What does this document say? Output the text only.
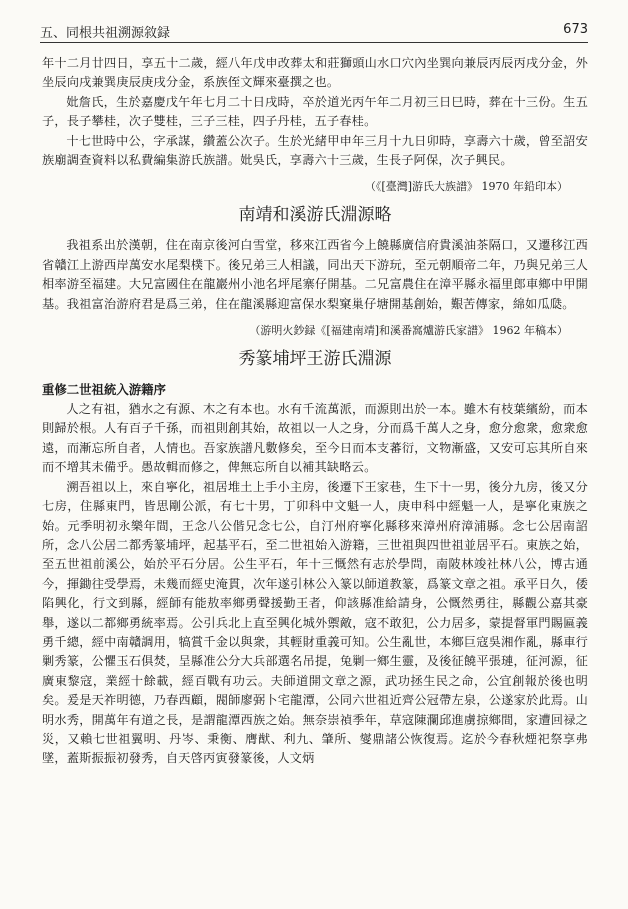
五、同根共祖溯源敘録	673

年十二月廿四日，享五十二歲，經八年戊申改葬太和莊獅頭山水口穴內坐巽向兼辰丙辰丙戌分金，外坐辰向戌兼巽庚辰庚戌分金，系族侄文輝來臺撰之也。

妣詹氏，生於嘉慶戊午年七月二十日戌時，卒於道光丙午年二月初三日巳時，葬在十三份。生五子，長子攀桂，次子雙桂，三子三桂，四子丹桂，五子春桂。

十七世時中公，字承謀，纘蓋公次子。生於光緒甲申年三月十九日卯時，享壽六十歲，曾至詔安族廟調查資料以私費編集游氏族譜。妣吳氏，享壽六十三歲，生長子阿保，次子興民。

（《[臺灣]游氏大族譜》 1970 年鉛印本）
南靖和溪游氏淵源略

我祖系出於漢朝，住在南京後河白雪堂，移來江西省今上饒縣廣信府貴溪油茶隔口，又遷移江西省贛江上游西岸萬安水尾梨樸下。後兄弟三人相議，同出天下游玩，至元朝順帝二年，乃與兄弟三人相率游至福建。大兄富國住在龍巖州小池名坪尾寨仔開基。二兄富農住在漳平縣永福里郎車鄉中甲開基。我祖富治游府君是爲三弟，住在龍溪縣迎富保水梨窠巢仔塘開基創始，艱苦傳家，綿如瓜瓞。

（游明火鈔録《[福建南靖]和溪番窩爐游氏家譜》 1962 年稿本）
秀篆埔坪王游氏淵源
重修二世祖統入游籍序

人之有祖，猶水之有源、木之有本也。水有千流萬派，而源則出於一本。雖木有枝葉繽紛，而本則歸於根。人有百子千孫，而祖則創其始，故祖以一人之身，分而爲千萬人之身，愈分愈衆，愈衆愈遠，而漸忘所自者，人情也。吾家族譜凡數修矣，至今日而本支蕃衍，文物漸盛，又安可忘其所自來而不增其未備乎。愚故輯而修之，俾無忘所自以補其缺略云。

溯吾祖以上，來自寧化，祖居堆土上手小主房，後遷下王家巷，生下十一男，後分九房，後又分七房，住縣東門，皆思剛公派，有七十男，丁卯科中文魁一人，庚申科中經魁一人，是寧化東族之始。元季明初永樂年間，王念八公偕兄念七公，自汀州府寧化縣移來漳州府漳浦縣。念七公居南詔所，念八公居二都秀篆埔坪，起基平石，至二世祖始入游籍，三世祖與四世祖並居平石。東族之始，至五世祖前溪公，始於平石分居。公生平石，年十三慨然有志於學問，南陂林竣社林八公，博古通今，揮鋤往受學焉，未幾而經史淹貫，次年遂引林公入篆以師道教篆，爲篆文章之祖。承平日久，倭陷興化，行文到縣，經師有能敖率鄉勇聲援勤王者，仰該縣准給請身，公慨然勇往，縣觀公嘉其豪舉，遂以二都鄉勇統率焉。公引兵北上直至興化城外禦敵，寇不敢犯，公力居多，蒙提督軍門賜匾義勇千總，經中南贛調用，犒賞千金以與衆，其輕財重義可知。公生亂世，本鄉巨寇吳湘作亂，縣車行剿秀篆，公懼玉石俱焚，呈縣准公分大兵部選名吊提，兔剿一鄉生靈，及後征饒平張璉，征河源，征廣東黎寇，業經十餘載，經百戰有功云。夫師道開文章之源，武功拯生民之命，公宜創報於後也明矣。爰是天祚明德，乃春西顧，閥師廖弼卜宅龍潭，公同六世祖近齊公冠帶左泉，公遂家於此焉。山明水秀，開萬年有道之長，是謂龍潭西族之始。無奈崇禎季年，草寇陳瀾邱進虜掠鄉間，家遭回禄之災，又賴七世祖翼明、丹岑、秉衡、膺猷、利九、肇所、燮鼎諸公恢復焉。迄於今春秋煙祀祭享弗墜，蓋斯振振初發秀，自天啓丙寅發篆後，人文炳
